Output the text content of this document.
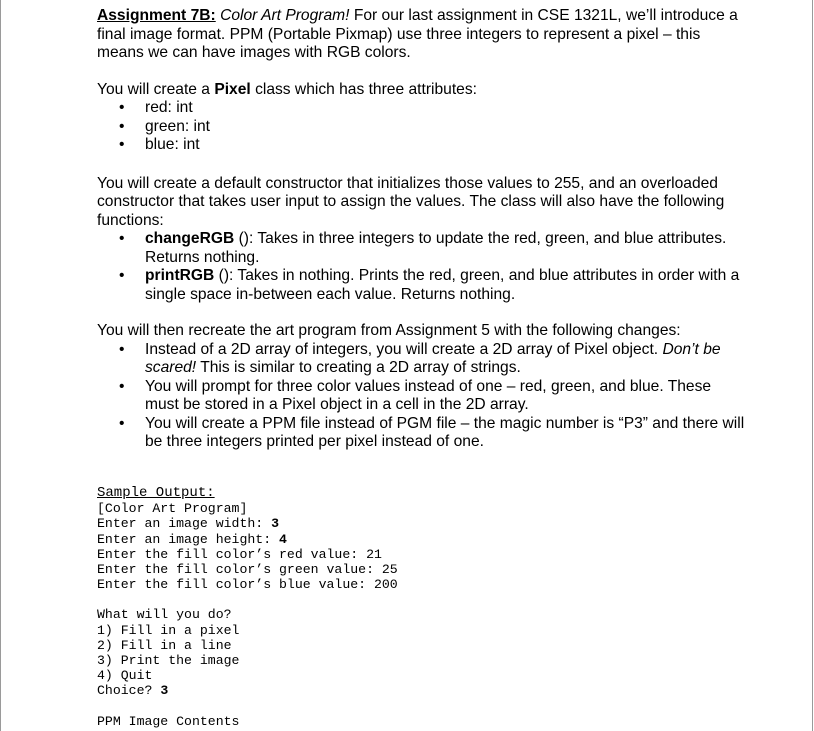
Assignment 7B: Color Art Program! For our last assignment in CSE 1321L, we’ll introduce a final image format. PPM (Portable Pixmap) use three integers to represent a pixel – this means we can have images with RGB colors.

You will create a Pixel class which has three attributes:

• red: int
• green: int
• blue: int

You will create a default constructor that initializes those values to 255, and an overloaded constructor that takes user input to assign the values. The class will also have the following functions:

• changeRGB (): Takes in three integers to update the red, green, and blue attributes. Returns nothing.
• printRGB (): Takes in nothing. Prints the red, green, and blue attributes in order with a single space in-between each value. Returns nothing.

You will then recreate the art program from Assignment 5 with the following changes:

• Instead of a 2D array of integers, you will create a 2D array of Pixel object. Don’t be scared! This is similar to creating a 2D array of strings.
• You will prompt for three color values instead of one – red, green, and blue. These must be stored in a Pixel object in a cell in the 2D array.
• You will create a PPM file instead of PGM file – the magic number is “P3” and there will be three integers printed per pixel instead of one.
Sample Output:
[Color Art Program]
Enter an image width: 3
Enter an image height: 4
Enter the fill color’s red value: 21
Enter the fill color’s green value: 25
Enter the fill color’s blue value: 200
What will you do?
1) Fill in a pixel
2) Fill in a line
3) Print the image
4) Quit
Choice? 3
PPM Image Contents
